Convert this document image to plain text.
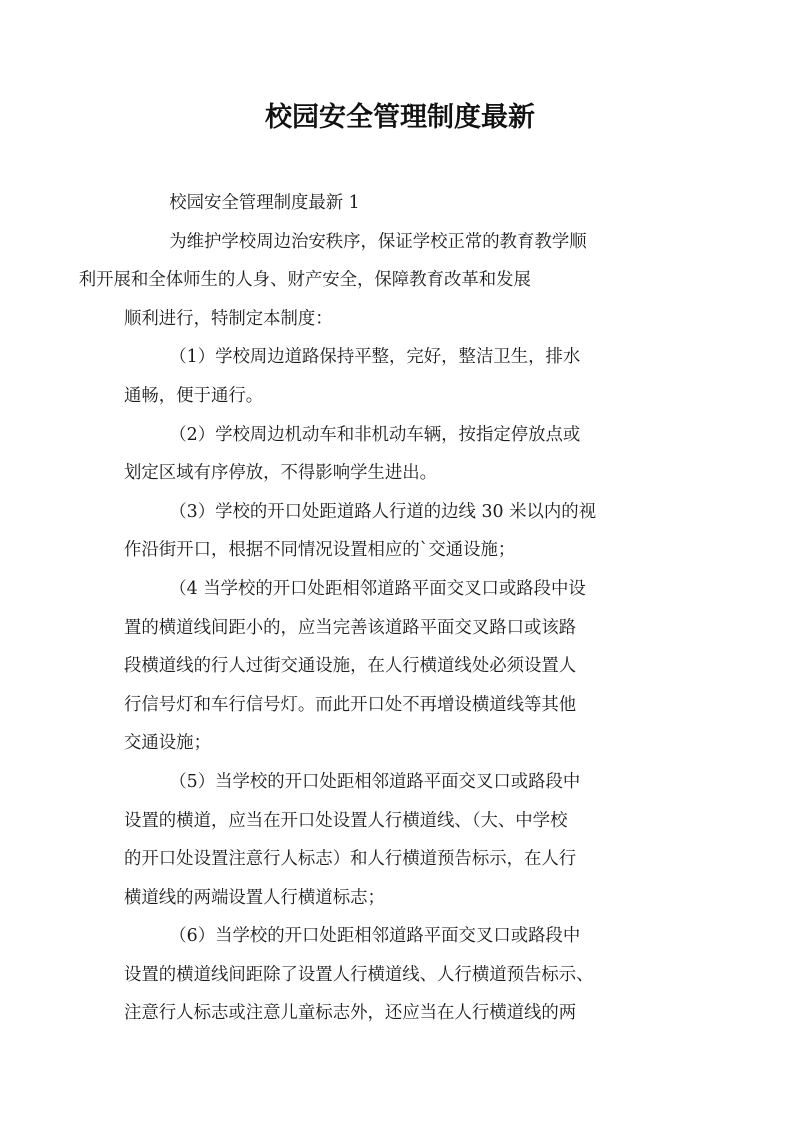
校园安全管理制度最新

校园安全管理制度最新 1

为维护学校周边治安秩序，保证学校正常的教育教学顺
利开展和全体师生的人身、财产安全，保障教育改革和发展
顺利进行，特制定本制度：

（1）学校周边道路保持平整，完好，整洁卫生，排水
通畅，便于通行。

（2）学校周边机动车和非机动车辆，按指定停放点或
划定区域有序停放，不得影响学生进出。

（3）学校的开口处距道路人行道的边线 30 米以内的视
作沿街开口，根据不同情况设置相应的`交通设施；

（4 当学校的开口处距相邻道路平面交叉口或路段中设
置的横道线间距小的，应当完善该道路平面交叉路口或该路
段横道线的行人过街交通设施，在人行横道线处必须设置人
行信号灯和车行信号灯。而此开口处不再增设横道线等其他
交通设施；

（5）当学校的开口处距相邻道路平面交叉口或路段中
设置的横道，应当在开口处设置人行横道线、（大、中学校
的开口处设置注意行人标志）和人行横道预告标示，在人行
横道线的两端设置人行横道标志；

（6）当学校的开口处距相邻道路平面交叉口或路段中
设置的横道线间距除了设置人行横道线、人行横道预告标示、
注意行人标志或注意儿童标志外，还应当在人行横道线的两
